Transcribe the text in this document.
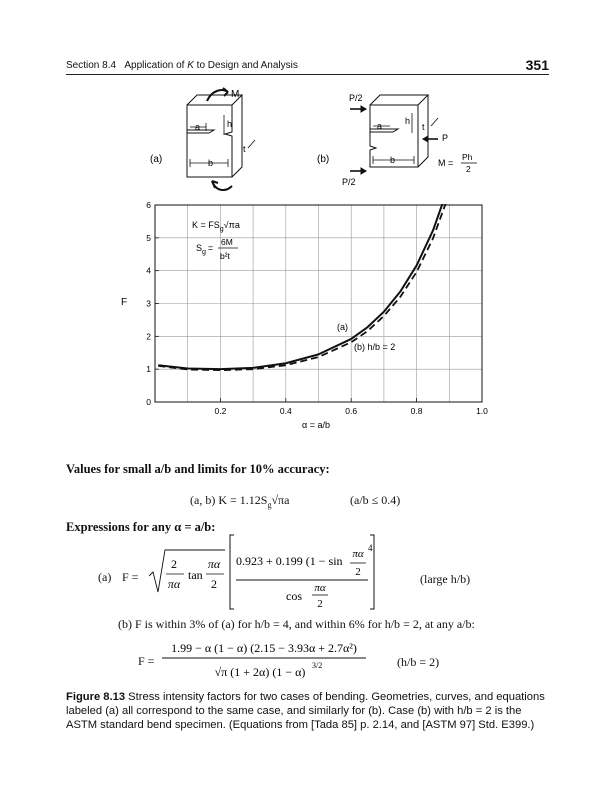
Section 8.4 Application of K to Design and Analysis	351
(a)
M
a	h
b
t
(b)
P/2
P/2
P
a	h
b
t
M =
Ph
2
0
1
2
3
4
5
6
0.2	0.4	0.6	0.8	1.0
F
α = a/b
$K = FS_g√\pi a$
$S_g$ =
6M
b²t
(a)
(b) h/b = 2
Values for small a/b and limits for 10% accuracy:
(a, b) $K = 1.12S_g√\pi a$	(a/b ≤ 0.4)
Expressions for any α = a/b:
(a) F =
2
πα
tan
πα
2
0.923 + 0.199 (1 − sin πα
2
4
cos
πα
2
(large h/b)
(b) F is within 3% of (a) for h/b = 4, and within 6% for h/b = 2, at any a/b:
F =
1.99 − α (1 − α) (2.15 − 3.93α + 2.7α²)
√π (1 + 2α) (1 − α) 3/2	(h/b = 2)
Figure 8.13 Stress intensity factors for two cases of bending. Geometries, curves, and equations labeled (a) all correspond to the same case, and similarly for (b). Case (b) with h/b = 2 is the ASTM standard bend specimen. (Equations from [Tada 85] p. 2.14, and [ASTM 97] Std. E399.)
